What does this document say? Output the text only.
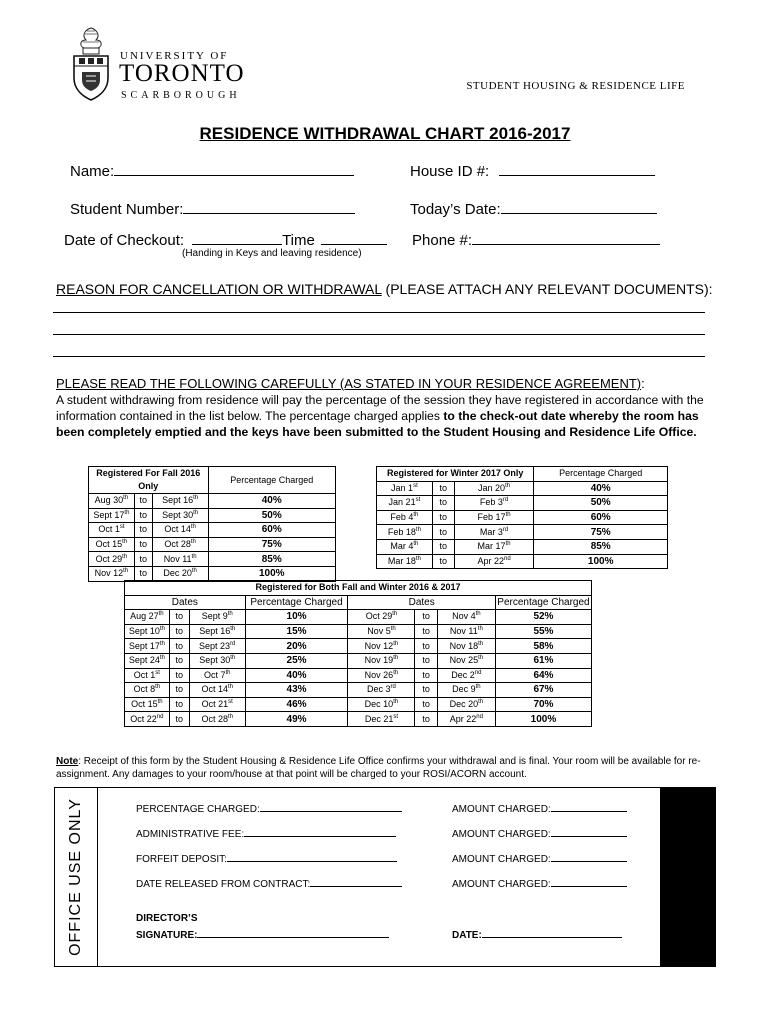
UNIVERSITY OF
TORONTO
SCARBOROUGH
STUDENT HOUSING & RESIDENCE LIFE
RESIDENCE WITHDRAWAL CHART 2016-2017
Name:	House ID #:
Student Number:	Today’s Date:
Date of Checkout:	Time	Phone #:
(Handing in Keys and leaving residence)
REASON FOR CANCELLATION OR WITHDRAWAL (PLEASE ATTACH ANY RELEVANT DOCUMENTS):
PLEASE READ THE FOLLOWING CAREFULLY (AS STATED IN YOUR RESIDENCE AGREEMENT):
A student withdrawing from residence will pay the percentage of the session they have registered in accordance with the information contained in the list below. The percentage charged applies to the check-out date whereby the room has been completely emptied and the keys have been submitted to the Student Housing and Residence Life Office.
Registered For Fall 2016 Only			Percentage Charged
Aug 30th	to	Sept 16th	40%
Sept 17th	to	Sept 30th	50%
Oct 1st	to	Oct 14th	60%
Oct 15th	to	Oct 28th	75%
Oct 29th	to	Nov 11th	85%
Nov 12th	to	Dec 20th	100%
Registered for Winter 2017 Only			Percentage Charged
Jan 1st	to	Jan 20th	40%
Jan 21st	to	Feb 3rd	50%
Feb 4th	to	Feb 17th	60%
Feb 18th	to	Mar 3rd	75%
Mar 4th	to	Mar 17th	85%
Mar 18th	to	Apr 22nd	100%
Registered for Both Fall and Winter 2016 & 2017							
Dates			Percentage Charged	Dates			Percentage Charged
Aug 27th	to	Sept 9th	10%	Oct 29th	to	Nov 4th	52%
Sept 10th	to	Sept 16th	15%	Nov 5th	to	Nov 11th	55%
Sept 17th	to	Sept 23rd	20%	Nov 12th	to	Nov 18th	58%
Sept 24th	to	Sept 30th	25%	Nov 19th	to	Nov 25th	61%
Oct 1st	to	Oct 7th	40%	Nov 26th	to	Dec 2nd	64%
Oct 8th	to	Oct 14th	43%	Dec 3rd	to	Dec 9th	67%
Oct 15th	to	Oct 21st	46%	Dec 10th	to	Dec 20th	70%
Oct 22nd	to	Oct 28th	49%	Dec 21st	to	Apr 22nd	100%
Note: Receipt of this form by the Student Housing & Residence Life Office confirms your withdrawal and is final. Your room will be available for re-assignment. Any damages to your room/house at that point will be charged to your ROSI/ACORN account.
OFFICE USE ONLY	PERCENTAGE CHARGED:	AMOUNT CHARGED:
ADMINISTRATIVE FEE:	AMOUNT CHARGED:
FORFEIT DEPOSIT:	AMOUNT CHARGED:
DATE RELEASED FROM CONTRACT:	AMOUNT CHARGED:
DIRECTOR’S
SIGNATURE:	DATE:
